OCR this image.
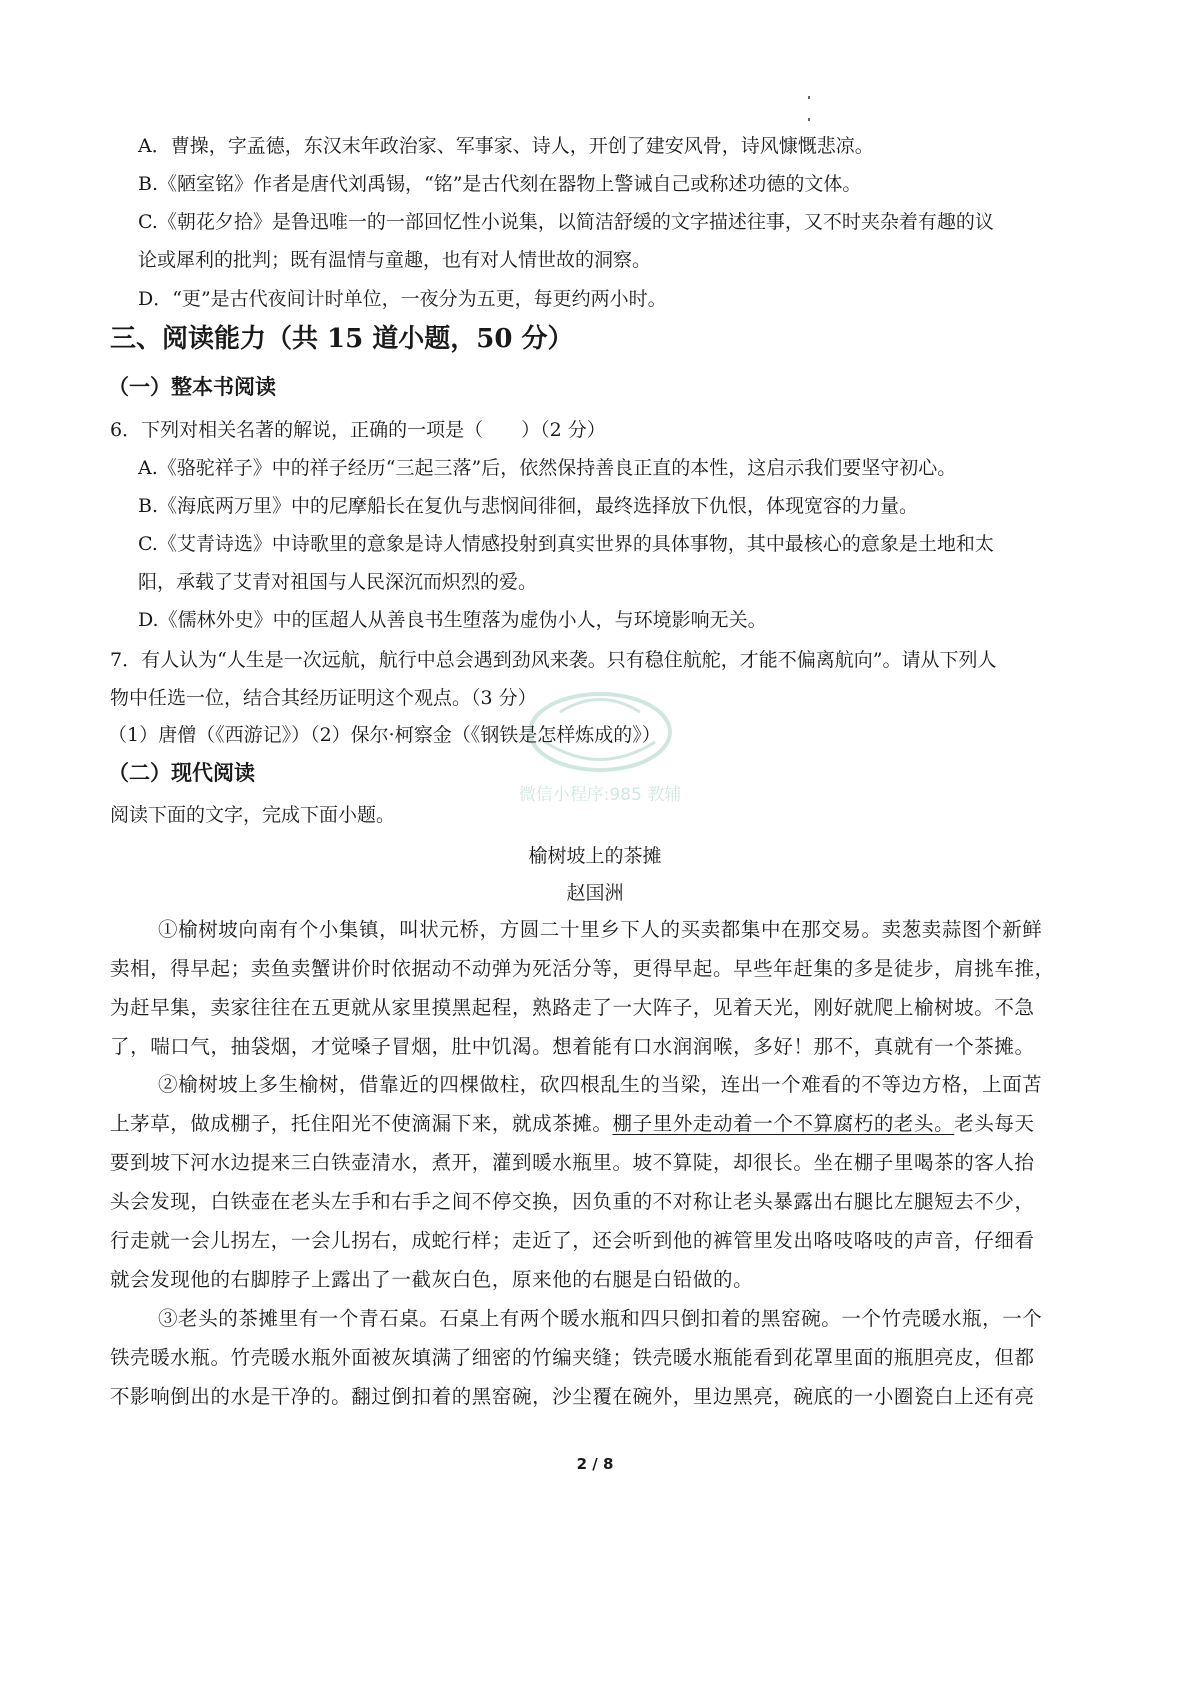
A．曹操，字孟德，东汉末年政治家、军事家、诗人，开创了建安风骨，诗风慷慨悲凉。
B.《陋室铭》作者是唐代刘禹锡，“铭”是古代刻在器物上警诫自己或称述功德的文体。
C.《朝花夕拾》是鲁迅唯一的一部回忆性小说集，以简洁舒缓的文字描述往事，又不时夹杂着有趣的议
论或犀利的批判；既有温情与童趣，也有对人情世故的洞察。
D．“更”是古代夜间计时单位，一夜分为五更，每更约两小时。
三、阅读能力（共 15 道小题，50 分）
（一）整本书阅读
6．下列对相关名著的解说，正确的一项是（　　）（2 分）
A.《骆驼祥子》中的祥子经历“三起三落”后，依然保持善良正直的本性，这启示我们要坚守初心。
B.《海底两万里》中的尼摩船长在复仇与悲悯间徘徊，最终选择放下仇恨，体现宽容的力量。
C.《艾青诗选》中诗歌里的意象是诗人情感投射到真实世界的具体事物，其中最核心的意象是土地和太
阳，承载了艾青对祖国与人民深沉而炽烈的爱。
D.《儒林外史》中的匡超人从善良书生堕落为虚伪小人，与环境影响无关。
7．有人认为“人生是一次远航，航行中总会遇到劲风来袭。只有稳住航舵，才能不偏离航向”。请从下列人
物中任选一位，结合其经历证明这个观点。（3 分）
（1）唐僧（《西游记》）（2）保尔·柯察金（《钢铁是怎样炼成的》）
（二）现代阅读
阅读下面的文字，完成下面小题。
榆树坡上的茶摊
赵国洲
①榆树坡向南有个小集镇，叫状元桥，方圆二十里乡下人的买卖都集中在那交易。卖葱卖蒜图个新鲜
卖相，得早起；卖鱼卖蟹讲价时依据动不动弹为死活分等，更得早起。早些年赶集的多是徒步，肩挑车推，
为赶早集，卖家往往在五更就从家里摸黑起程，熟路走了一大阵子，见着天光，刚好就爬上榆树坡。不急
了，喘口气，抽袋烟，才觉嗓子冒烟，肚中饥渴。想着能有口水润润喉，多好！那不，真就有一个茶摊。
②榆树坡上多生榆树，借靠近的四棵做柱，砍四根乱生的当梁，连出一个难看的不等边方格，上面苫
上茅草，做成棚子，托住阳光不使滴漏下来，就成茶摊。棚子里外走动着一个不算腐朽的老头。老头每天
要到坡下河水边提来三白铁壶清水，煮开，灌到暖水瓶里。坡不算陡，却很长。坐在棚子里喝茶的客人抬
头会发现，白铁壶在老头左手和右手之间不停交换，因负重的不对称让老头暴露出右腿比左腿短去不少，
行走就一会儿拐左，一会儿拐右，成蛇行样；走近了，还会听到他的裤管里发出咯吱咯吱的声音，仔细看
就会发现他的右脚脖子上露出了一截灰白色，原来他的右腿是白铅做的。
③老头的茶摊里有一个青石桌。石桌上有两个暖水瓶和四只倒扣着的黑窑碗。一个竹壳暖水瓶，一个
铁壳暖水瓶。竹壳暖水瓶外面被灰填满了细密的竹编夹缝；铁壳暖水瓶能看到花罩里面的瓶胆亮皮，但都
不影响倒出的水是干净的。翻过倒扣着的黑窑碗，沙尘覆在碗外，里边黑亮，碗底的一小圈瓷白上还有亮
微信小程序:985 教辅
2 / 8
